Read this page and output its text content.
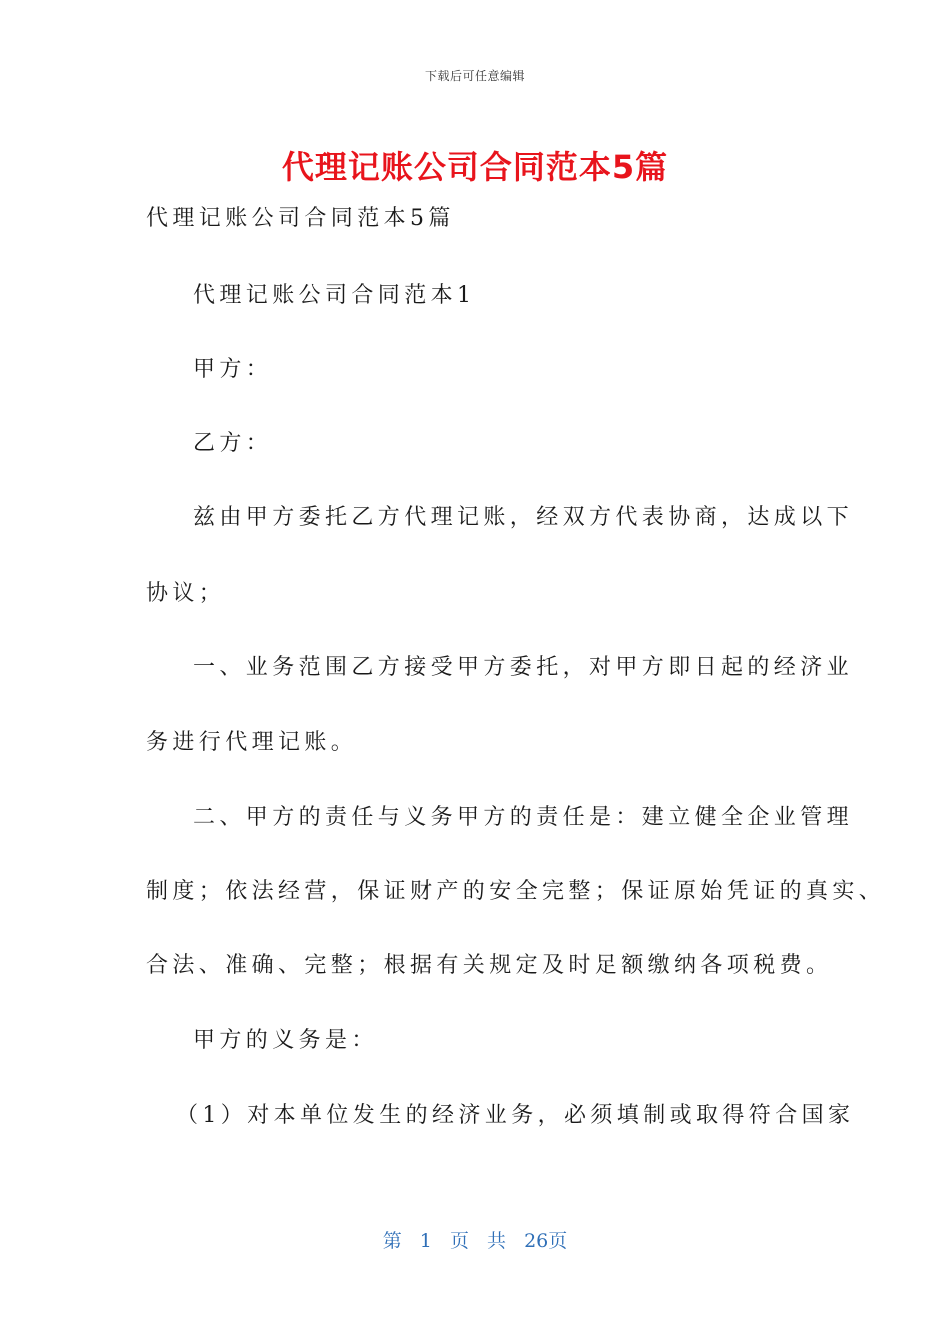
下载后可任意编辑
代理记账公司合同范本5篇
代理记账公司合同范本5篇
代理记账公司合同范本1
甲方：
乙方：
兹由甲方委托乙方代理记账，经双方代表协商，达成以下
协议；
一、业务范围乙方接受甲方委托，对甲方即日起的经济业
务进行代理记账。
二、甲方的责任与义务甲方的责任是：建立健全企业管理
制度；依法经营，保证财产的安全完整；保证原始凭证的真实、
合法、准确、完整；根据有关规定及时足额缴纳各项税费。
甲方的义务是：
（1）对本单位发生的经济业务，必须填制或取得符合国家
第 1 页 共 26页
